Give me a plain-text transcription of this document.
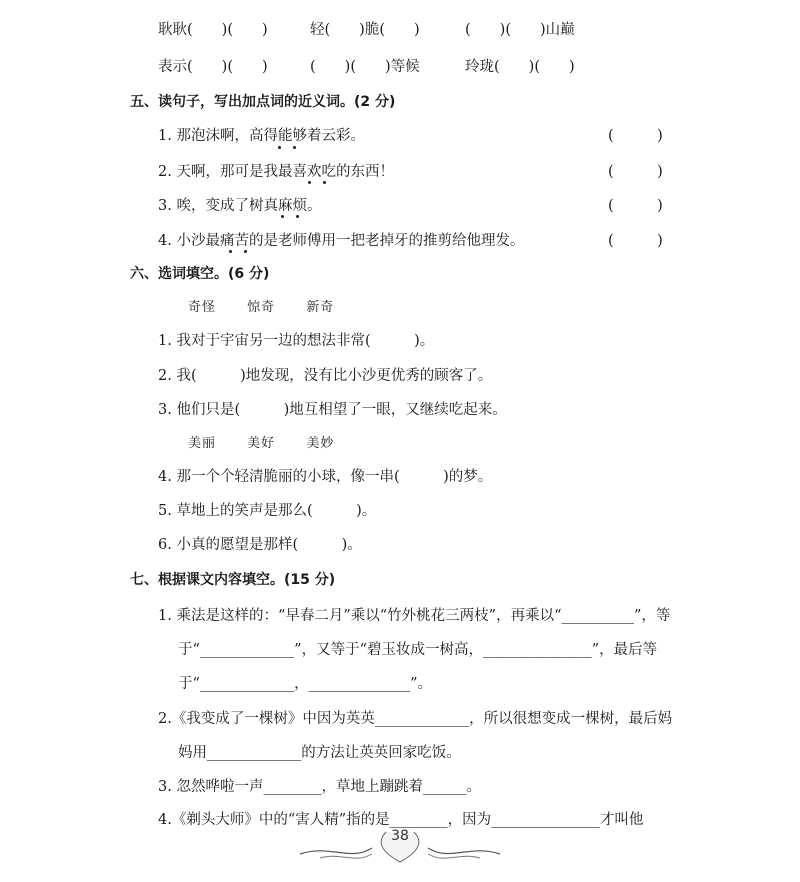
耿耿(　　)(　　)	轻(　　)脆(　　)	(　　)(　　)山巅
表示(　　)(　　)	(　　)(　　)等候	玲珑(　　)(　　)
五、读句子，写出加点词的近义词。(2 分)
1. 那泡沫啊，高得能够着云彩。	(　　　)
2. 天啊，那可是我最喜欢吃的东西！	(　　　)
3. 唉，变成了树真麻烦。	(　　　)
4. 小沙最痛苦的是老师傅用一把老掉牙的推剪给他理发。	(　　　)
六、选词填空。(6 分)
奇怪 惊奇 新奇
1. 我对于宇宙另一边的想法非常(　　　)。
2. 我(　　　)地发现，没有比小沙更优秀的顾客了。
3. 他们只是(　　　)地互相望了一眼，又继续吃起来。
美丽 美好 美妙
4. 那一个个轻清脆丽的小球，像一串(　　　)的梦。
5. 草地上的笑声是那么(　　　)。
6. 小真的愿望是那样(　　　)。
七、根据课文内容填空。(15 分)
1. 乘法是这样的：“早春二月”乘以“竹外桃花三两枝”，再乘以“__________”，等
于“_____________”，又等于“碧玉妆成一树高，_______________”，最后等
于“_____________，______________”。
2.《我变成了一棵树》中因为英英_____________，所以很想变成一棵树，最后妈
妈用_____________的方法让英英回家吃饭。
3. 忽然哗啦一声________，草地上蹦跳着______。
4.《剃头大师》中的“害人精”指的是________，因为_______________才叫他
38
